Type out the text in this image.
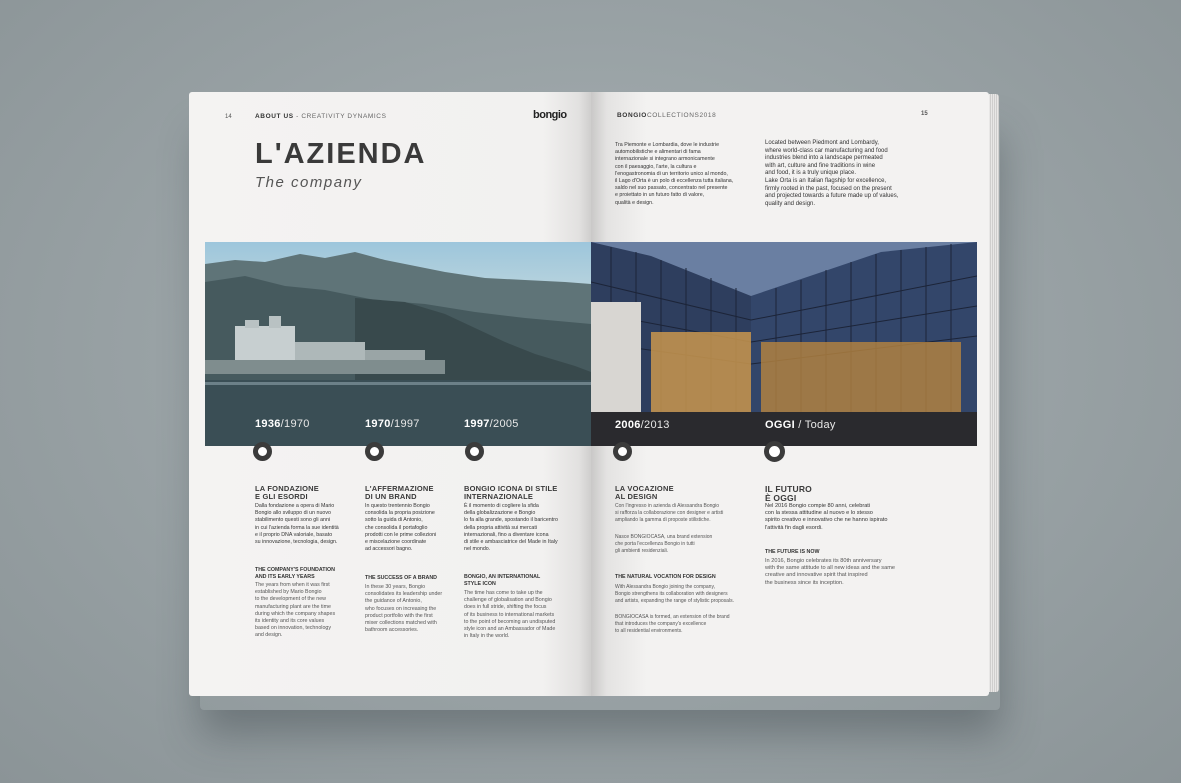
14	ABOUT US - CREATIVITY DYNAMICS	bongio
L'AZIENDA
The company
1936/1970	1970/1997	1997/2005
LA FONDAZIONE
E GLI ESORDI
Dalla fondazione a opera di Mario
Bongio allo sviluppo di un nuovo
stabilimento questi sono gli anni
in cui l'azienda forma la sue identità
e il proprio DNA valoriale, basato
su innovazione, tecnologia, design.
THE COMPANY'S FOUNDATION
AND ITS EARLY YEARS
The years from when it was first
established by Mario Bongio
to the development of the new
manufacturing plant are the time
during which the company shapes
its identity and its core values
based on innovation, technology
and design.
L'AFFERMAZIONE
DI UN BRAND
In questo trentennio Bongio
consolida la propria posizione
sotto la guida di Antonio,
che consolida il portafoglio
prodotti con le prime collezioni
e miscelazione coordinate
ad accessori bagno.
THE SUCCESS OF A BRAND
In these 30 years, Bongio
consolidates its leadership under
the guidance of Antonio,
who focuses on increasing the
product portfolio with the first
mixer collections matched with
bathroom accessories.
BONGIO ICONA DI STILE
INTERNAZIONALE
È il momento di cogliere la sfida
della globalizzazione e Bongio
lo fa alla grande, spostando il baricentro
della propria attività sui mercati
internazionali, fino a diventare icona
di stile e ambasciatrice del Made in Italy
nel mondo.
BONGIO, AN INTERNATIONAL
STYLE ICON
The time has come to take up the
challenge of globalisation and Bongio
does in full stride, shifting the focus
of its business to international markets
to the point of becoming an undisputed
style icon and an Ambassador of Made
in Italy in the world.
BONGIOCOLLECTIONS2018	15
Tra Piemonte e Lombardia, dove le industrie
automobilistiche e alimentari di fama
internazionale si integrano armonicamente
con il paesaggio, l'arte, la cultura e
l'enogastronomia di un territorio unico al mondo,
il Lago d'Orta è un polo di eccellenza tutta italiana,
saldo nel suo passato, concentrato nel presente
e proiettato in un futuro fatto di valore,
qualità e design.
Located between Piedmont and Lombardy,
where world-class car manufacturing and food
industries blend into a landscape permeated
with art, culture and fine traditions in wine
and food, it is a truly unique place.
Lake Orta is an Italian flagship for excellence,
firmly rooted in the past, focused on the present
and projected towards a future made up of values,
quality and design.
2006/2013	OGGI / Today
LA VOCAZIONE
AL DESIGN
Con l'ingresso in azienda di Alessandra Bongio
si rafforza la collaborazione con designer e artisti
ampliando la gamma di proposte stilistiche.
Nasce BONGIOCASA, una brand extension
che porta l'eccellenza Bongio in tutti
gli ambienti residenziali.
THE NATURAL VOCATION FOR DESIGN
With Alessandra Bongio joining the company,
Bongio strengthens its collaboration with designers
and artists, expanding the range of stylistic proposals.
BONGIOCASA is formed, an extension of the brand
that introduces the company's excellence
to all residential environments.
IL FUTURO
È OGGI
Nel 2016 Bongio compie 80 anni, celebrati
con la stessa attitudine al nuovo e lo stesso
spirito creativo e innovativo che ne hanno ispirato
l'attività fin dagli esordi.
THE FUTURE IS NOW
In 2016, Bongio celebrates its 80th anniversary
with the same attitude to all new ideas and the same
creative and innovative spirit that inspired
the business since its inception.
